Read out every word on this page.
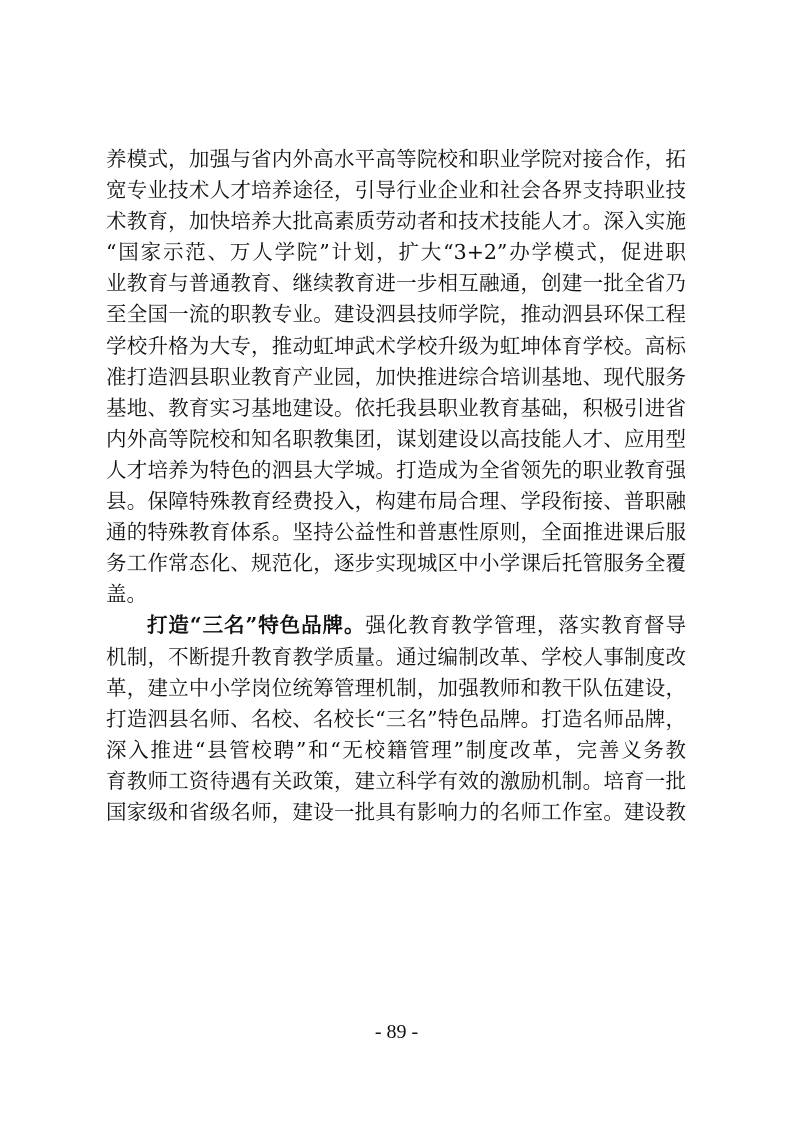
养模式，加强与省内外高水平高等院校和职业学院对接合作，拓
宽专业技术人才培养途径，引导行业企业和社会各界支持职业技
术教育，加快培养大批高素质劳动者和技术技能人才。深入实施
“国家示范、万人学院”计划，扩大“3+2”办学模式，促进职
业教育与普通教育、继续教育进一步相互融通，创建一批全省乃
至全国一流的职教专业。建设泗县技师学院，推动泗县环保工程
学校升格为大专，推动虹坤武术学校升级为虹坤体育学校。高标
准打造泗县职业教育产业园，加快推进综合培训基地、现代服务
基地、教育实习基地建设。依托我县职业教育基础，积极引进省
内外高等院校和知名职教集团，谋划建设以高技能人才、应用型
人才培养为特色的泗县大学城。打造成为全省领先的职业教育强
县。保障特殊教育经费投入，构建布局合理、学段衔接、普职融
通的特殊教育体系。坚持公益性和普惠性原则，全面推进课后服
务工作常态化、规范化，逐步实现城区中小学课后托管服务全覆
盖。
打造“三名”特色品牌。强化教育教学管理，落实教育督导
机制，不断提升教育教学质量。通过编制改革、学校人事制度改
革，建立中小学岗位统筹管理机制，加强教师和教干队伍建设，
打造泗县名师、名校、名校长“三名”特色品牌。打造名师品牌，
深入推进“县管校聘”和“无校籍管理”制度改革，完善义务教
育教师工资待遇有关政策，建立科学有效的激励机制。培育一批
国家级和省级名师，建设一批具有影响力的名师工作室。建设教
- 89 -
